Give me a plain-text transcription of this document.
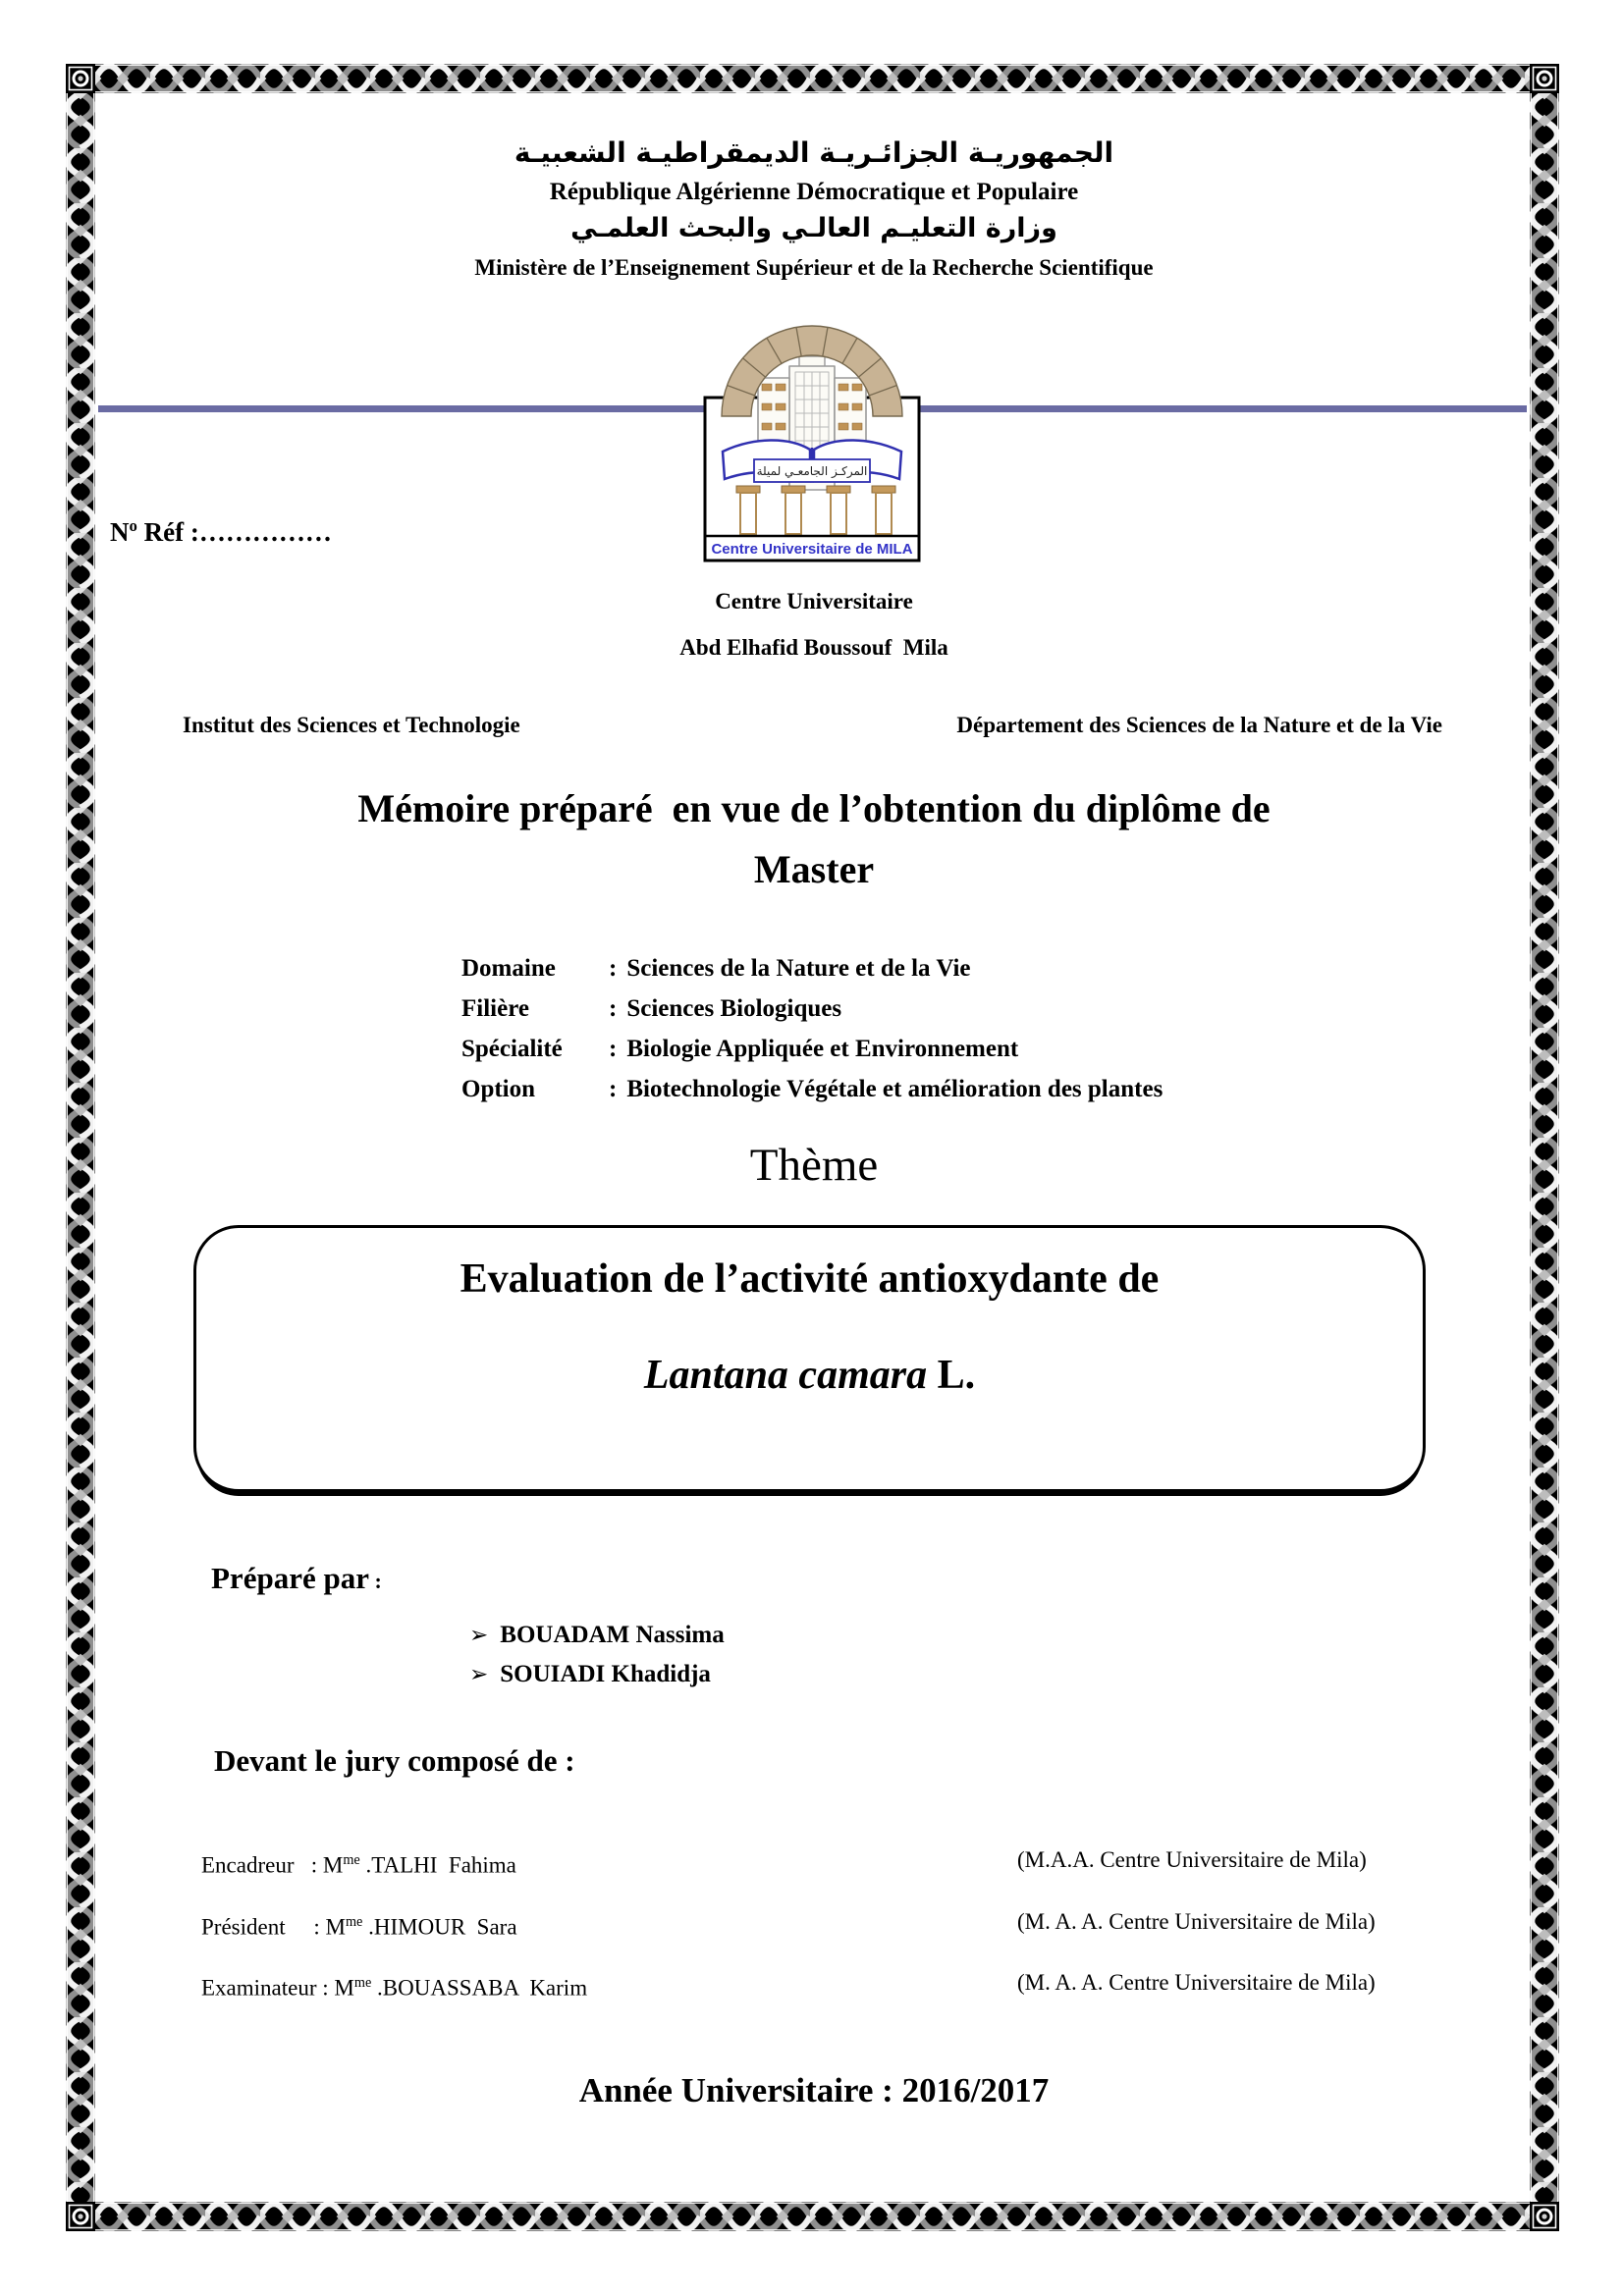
الجمهوريـة الجزائـريـة الديمقراطيـة الشعبيـة
République Algérienne Démocratique et Populaire
وزارة التعليـم العالـي والبحث العلمـي
Ministère de l’Enseignement Supérieur et de la Recherche Scientifique
المركـز الجامعـي لميلة
Centre Universitaire de MILA
$N^o$ Réf :……………
Centre Universitaire
Abd Elhafid Boussouf  Mila
Institut des Sciences et Technologie	Département des Sciences de la Nature et de la Vie
Mémoire préparé  en vue de l’obtention du diplôme de
Master
Domaine : Sciences de la Nature et de la Vie
Filière	: Sciences Biologiques
Spécialité : Biologie Appliquée et Environnement
Option	: Biotechnologie Végétale et amélioration des plantes
Thème
Evaluation de l’activité antioxydante de
Lantana camara L.
Préparé par :
➢ BOUADAM Nassima
➢ SOUIADI Khadidja
Devant le jury composé de :
Encadreur   : $M^{me}$ .TALHI  Fahima	(M.A.A. Centre Universitaire de Mila)
Président     : $M^{me}$ .HIMOUR  Sara	(M. A. A. Centre Universitaire de Mila)
Examinateur : $M^{me}$ .BOUASSABA  Karim	(M. A. A. Centre Universitaire de Mila)
Année Universitaire : 2016/2017
